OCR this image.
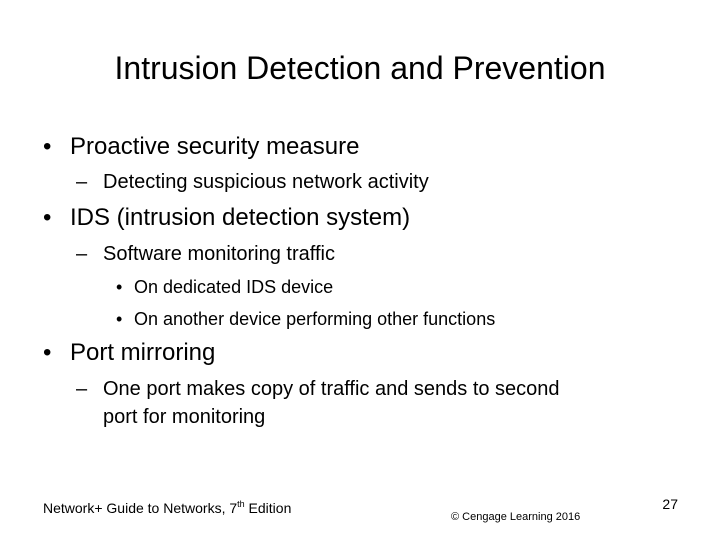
Intrusion Detection and Prevention
• Proactive security measure
– Detecting suspicious network activity
• IDS (intrusion detection system)
– Software monitoring traffic
• On dedicated IDS device
• On another device performing other functions
• Port mirroring
– One port makes copy of traffic and sends to second
port for monitoring
Network+ Guide to Networks, 7th Edition
© Cengage Learning 2016
27
